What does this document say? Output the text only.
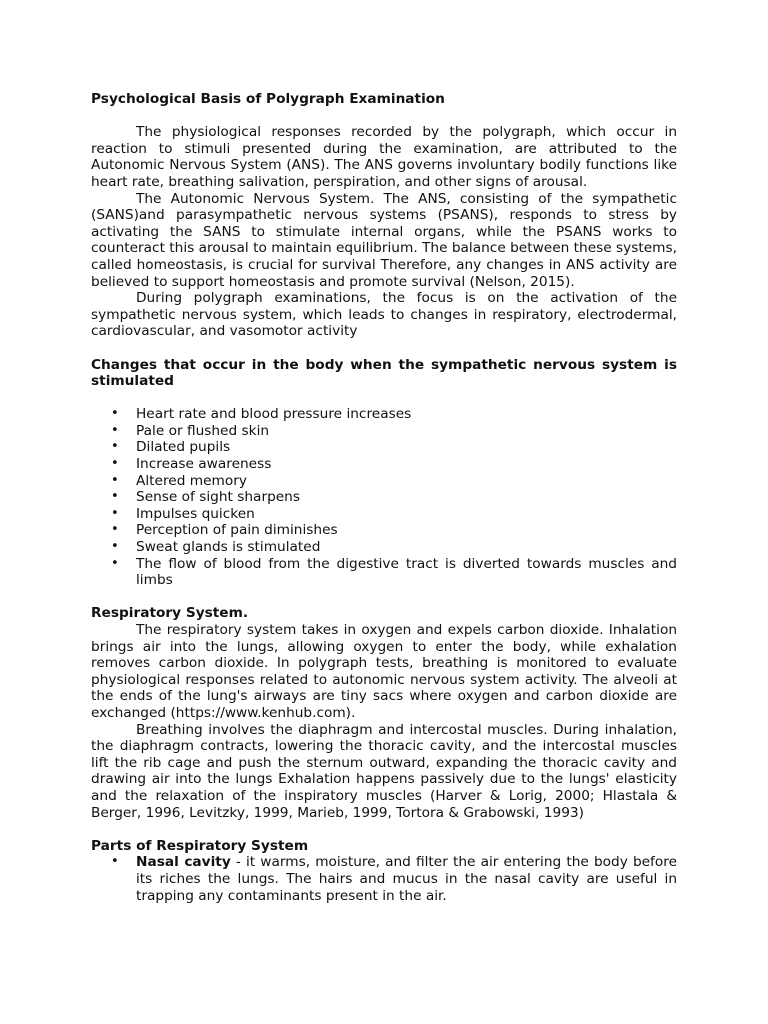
Psychological Basis of Polygraph Examination

The physiological responses recorded by the polygraph, which occur in reaction to stimuli presented during the examination, are attributed to the Autonomic Nervous System (ANS). The ANS governs involuntary bodily functions like heart rate, breathing salivation, perspiration, and other signs of arousal.

The Autonomic Nervous System. The ANS, consisting of the sympathetic (SANS)and parasympathetic nervous systems (PSANS), responds to stress by activating the SANS to stimulate internal organs, while the PSANS works to counteract this arousal to maintain equilibrium. The balance between these systems, called homeostasis, is crucial for survival Therefore, any changes in ANS activity are believed to support homeostasis and promote survival (Nelson, 2015).

During polygraph examinations, the focus is on the activation of the sympathetic nervous system, which leads to changes in respiratory, electrodermal, cardiovascular, and vasomotor activity

Changes that occur in the body when the sympathetic nervous system is stimulated

• Heart rate and blood pressure increases
• Pale or flushed skin
• Dilated pupils
• Increase awareness
• Altered memory
• Sense of sight sharpens
• Impulses quicken
• Perception of pain diminishes
• Sweat glands is stimulated
• The flow of blood from the digestive tract is diverted towards muscles and limbs

Respiratory System.

The respiratory system takes in oxygen and expels carbon dioxide. Inhalation brings air into the lungs, allowing oxygen to enter the body, while exhalation removes carbon dioxide. In polygraph tests, breathing is monitored to evaluate physiological responses related to autonomic nervous system activity. The alveoli at the ends of the lung's airways are tiny sacs where oxygen and carbon dioxide are exchanged (https://www.kenhub.com).

Breathing involves the diaphragm and intercostal muscles. During inhalation, the diaphragm contracts, lowering the thoracic cavity, and the intercostal muscles lift the rib cage and push the sternum outward, expanding the thoracic cavity and drawing air into the lungs Exhalation happens passively due to the lungs' elasticity and the relaxation of the inspiratory muscles (Harver & Lorig, 2000; Hlastala & Berger, 1996, Levitzky, 1999, Marieb, 1999, Tortora & Grabowski, 1993)

Parts of Respiratory System

• Nasal cavity - it warms, moisture, and filter the air entering the body before its riches the lungs. The hairs and mucus in the nasal cavity are useful in trapping any contaminants present in the air.
